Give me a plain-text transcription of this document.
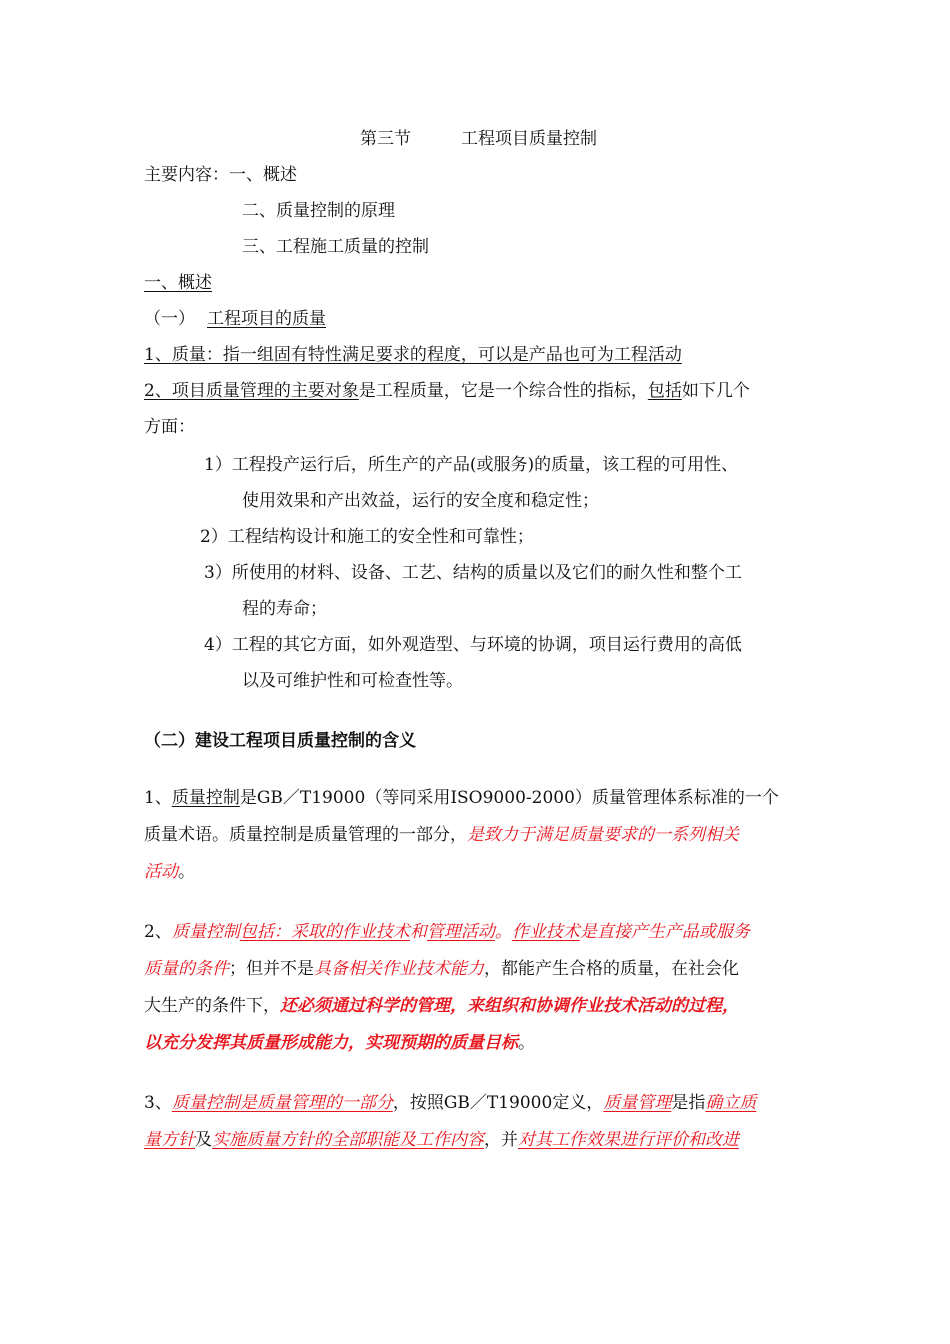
第三节	工程项目质量控制
主要内容：一、概述
二、质量控制的原理
三、工程施工质量的控制
一、概述
（一） 工程项目的质量
1、质量：指一组固有特性满足要求的程度，可以是产品也可为工程活动
2、项目质量管理的主要对象是工程质量，它是一个综合性的指标，包括如下几个
方面：
1）工程投产运行后，所生产的产品(或服务)的质量，该工程的可用性、
使用效果和产出效益，运行的安全度和稳定性；
2）工程结构设计和施工的安全性和可靠性；
3）所使用的材料、设备、工艺、结构的质量以及它们的耐久性和整个工
程的寿命；
4）工程的其它方面，如外观造型、与环境的协调，项目运行费用的高低
以及可维护性和可检查性等。
（二）建设工程项目质量控制的含义
1、质量控制是GB／T19000（等同采用ISO9000-2000）质量管理体系标准的一个
质量术语。质量控制是质量管理的一部分，是致力于满足质量要求的一系列相关
活动。
2、质量控制包括：采取的作业技术和管理活动。作业技术是直接产生产品或服务
质量的条件；但并不是具备相关作业技术能力，都能产生合格的质量，在社会化
大生产的条件下，还必须通过科学的管理，来组织和协调作业技术活动的过程，
以充分发挥其质量形成能力，实现预期的质量目标。
3、质量控制是质量管理的一部分，按照GB／T19000定义，质量管理是指确立质
量方针及实施质量方针的全部职能及工作内容，并对其工作效果进行评价和改进
